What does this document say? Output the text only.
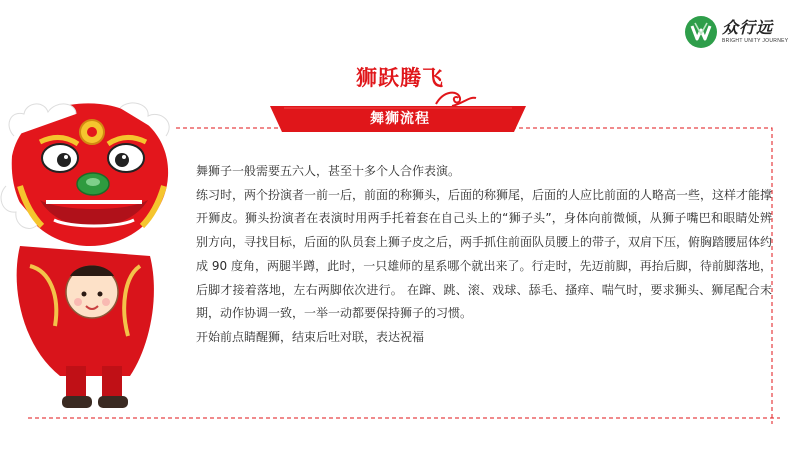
众行远
BRIGHT UNITY JOURNEY
狮跃腾飞
舞狮流程

舞狮子一般需要五六人，甚至十多个人合作表演。

练习时，两个扮演者一前一后，前面的称狮头，后面的称狮尾，后面的人应比前面的人略高一些，这样才能撑开狮皮。狮头扮演者在表演时用两手托着套在自己头上的“狮子头”，身体向前微倾，从狮子嘴巴和眼睛处辨别方向，寻找目标，后面的队员套上狮子皮之后，两手抓住前面队员腰上的带子，双肩下压，俯胸踏腰屈体约成 90 度角，两腿半蹲，此时，一只雄师的星系哪个就出来了。行走时，先迈前脚，再抬后脚，待前脚落地，后脚才接着落地，左右两脚依次进行。 在蹿、跳、滚、戏球、舔毛、搔痒、喘气时，要求狮头、狮尾配合末期，动作协调一致，一举一动都要保持狮子的习惯。

开始前点睛醒狮，结束后吐对联，表达祝福
